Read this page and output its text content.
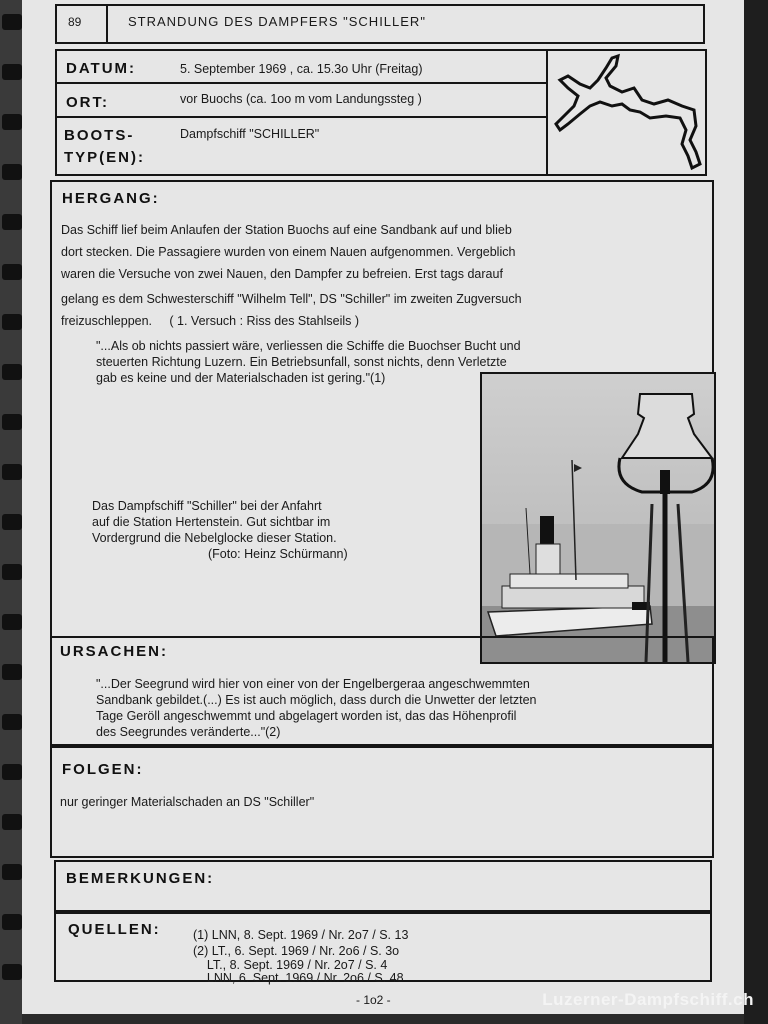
89	STRANDUNG DES DAMPFERS "SCHILLER"
DATUM:	5. September 1969 , ca. 15.3o Uhr (Freitag)
ORT:	vor Buochs (ca. 1oo m vom Landungssteg )
BOOTS-
TYP(EN):
Dampfschiff "SCHILLER"
HERGANG:
Das Schiff lief beim Anlaufen der Station Buochs auf eine Sandbank auf und blieb
dort stecken. Die Passagiere wurden von einem Nauen aufgenommen. Vergeblich
waren die Versuche von zwei Nauen, den Dampfer zu befreien. Erst tags darauf
gelang es dem Schwesterschiff "Wilhelm Tell", DS "Schiller" im zweiten Zugversuch
freizuschleppen.     ( 1. Versuch : Riss des Stahlseils )
"...Als ob nichts passiert wäre, verliessen die Schiffe die Buochser Bucht und
steuerten Richtung Luzern. Ein Betriebsunfall, sonst nichts, denn Verletzte
gab es keine und der Materialschaden ist gering."(1)
Das Dampfschiff "Schiller" bei der Anfahrt
auf die Station Hertenstein. Gut sichtbar im
Vordergrund die Nebelglocke dieser Station.
(Foto: Heinz Schürmann)
URSACHEN:
"...Der Seegrund wird hier von einer von der Engelbergeraa angeschwemmten
Sandbank gebildet.(...) Es ist auch möglich, dass durch die Unwetter der letzten
Tage Geröll angeschwemmt und abgelagert worden ist, das das Höhenprofil
des Seegrundes veränderte..."(2)
FOLGEN:
nur geringer Materialschaden an DS "Schiller"
BEMERKUNGEN:
QUELLEN:	(1) LNN, 8. Sept. 1969 / Nr. 2o7 / S. 13
(2) LT., 6. Sept. 1969 / Nr. 2o6 / S. 3o
LT., 8. Sept. 1969 / Nr. 2o7 / S. 4
LNN, 6. Sept. 1969 / Nr. 2o6 / S. 48
- 1o2 -	Luzerner-Dampfschiff.ch
